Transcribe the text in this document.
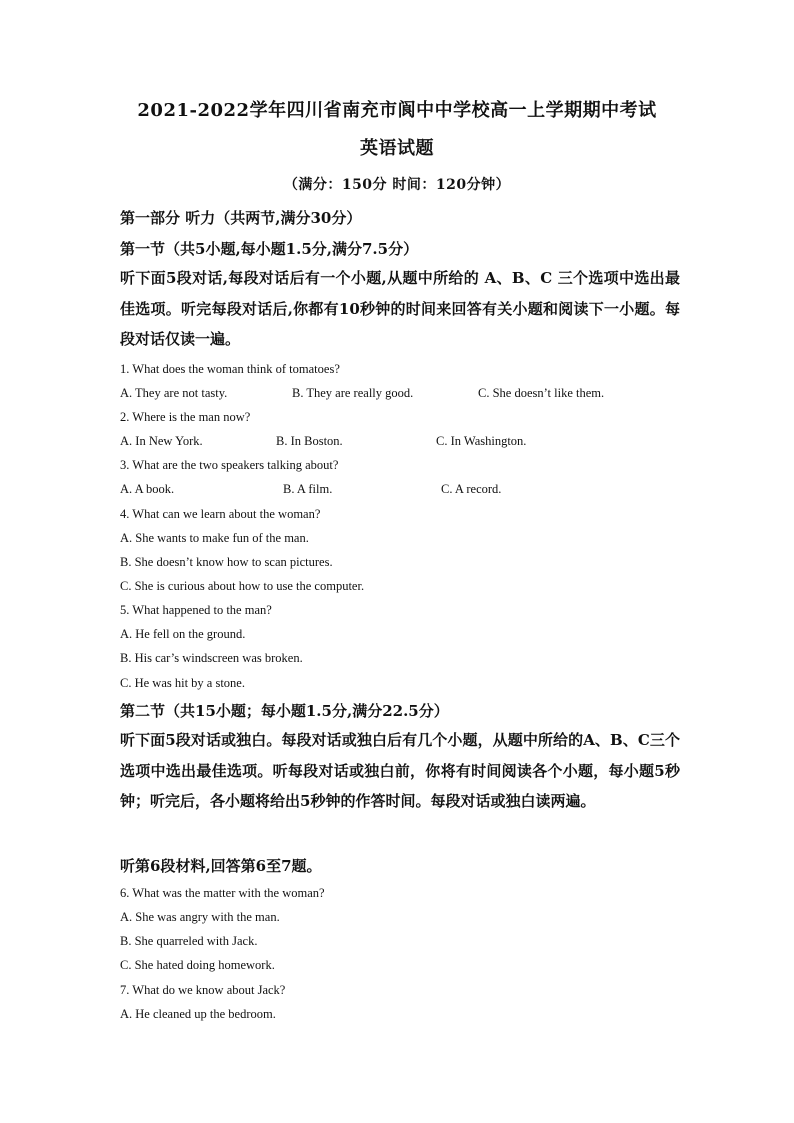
2021-2022学年四川省南充市阆中中学校高一上学期期中考试
英语试题
（满分：150分 时间：120分钟）
第一部分 听力（共两节,满分30分）
第一节（共5小题,每小题1.5分,满分7.5分）
听下面5段对话,每段对话后有一个小题,从题中所给的 A、B、C 三个选项中选出最佳选项。听完每段对话后,你都有10秒钟的时间来回答有关小题和阅读下一小题。每段对话仅读一遍。
1. What does the woman think of tomatoes?
A. They are not tasty.	B. They are really good.	C. She doesn’t like them.
2. Where is the man now?
A. In New York.	B. In Boston.	C. In Washington.
3. What are the two speakers talking about?
A. A book.	B. A film.	C. A record.
4. What can we learn about the woman?
A. She wants to make fun of the man.
B. She doesn’t know how to scan pictures.
C. She is curious about how to use the computer.
5. What happened to the man?
A. He fell on the ground.
B. His car’s windscreen was broken.
C. He was hit by a stone.
第二节（共15小题；每小题1.5分,满分22.5分）
听下面5段对话或独白。每段对话或独白后有几个小题，从题中所给的A、B、C三个选项中选出最佳选项。听每段对话或独白前，你将有时间阅读各个小题，每小题5秒钟；听完后，各小题将给出5秒钟的作答时间。每段对话或独白读两遍。
听第6段材料,回答第6至7题。
6. What was the matter with the woman?
A. She was angry with the man.
B. She quarreled with Jack.
C. She hated doing homework.
7. What do we know about Jack?
A. He cleaned up the bedroom.
